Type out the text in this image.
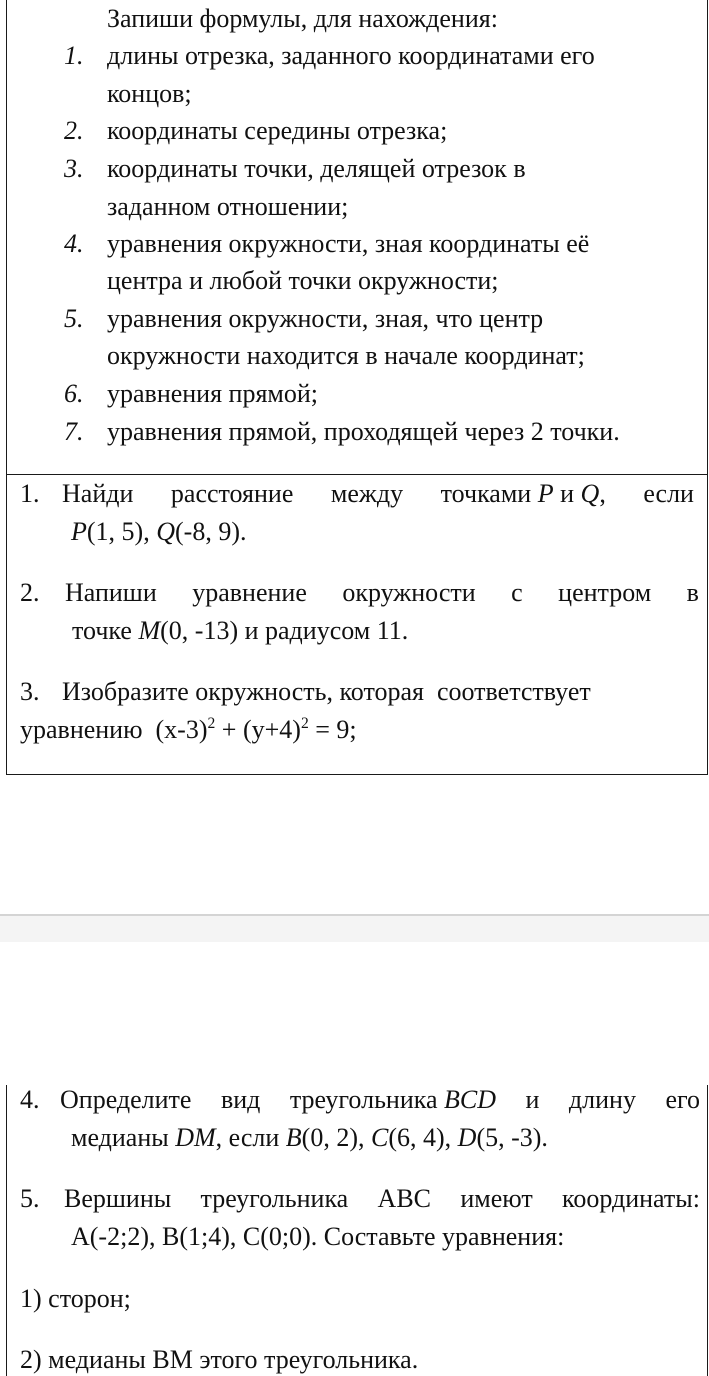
Запиши формулы, для нахождения:
1. длины отрезка, заданного координатами его
концов;
2. координаты середины отрезка;
3. координаты точки, делящей отрезок в
заданном отношении;
4. уравнения окружности, зная координаты её
центра и любой точки окружности;
5. уравнения окружности, зная, что центр
окружности находится в начале координат;
6. уравнения прямой;
7. уравнения прямой, проходящей через 2 точки.
1. Найди расстояние между точками P и Q, если
P(1, 5), Q(-8, 9).
2. Напиши уравнение окружности с центром в
точке M(0, -13) и радиусом 11.
3. Изобразите окружность, которая  соответствует
уравнению  $(x-3)^2 + (y+4)^2 = 9$;
4. Определите вид треугольника BCD и длину его
медианы DM, если B(0, 2), C(6, 4), D(5, -3).
5. Вершины треугольника ABC имеют координаты:
A(-2;2), B(1;4), C(0;0). Составьте уравнения:
1) сторон;
2) медианы BM этого треугольника.
